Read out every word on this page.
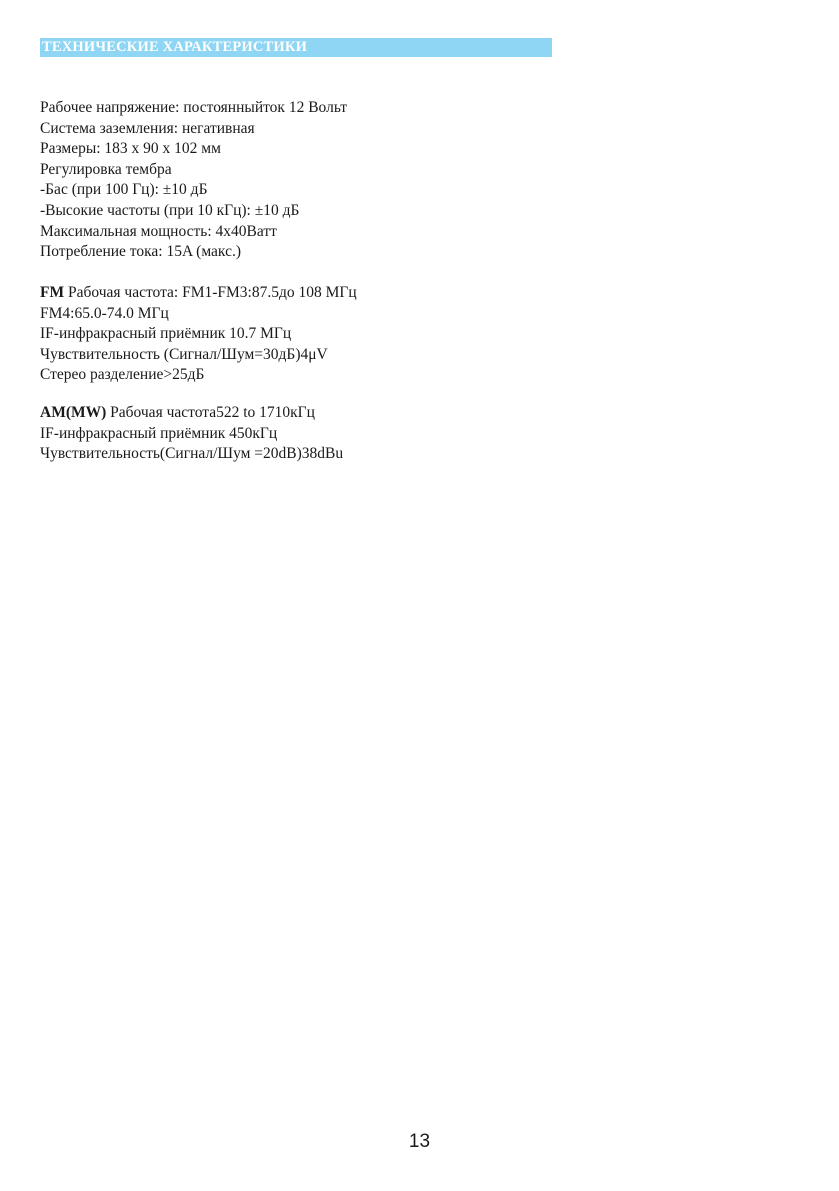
ТЕХНИЧЕСКИЕ ХАРАКТЕРИСТИКИ
Рабочее напряжение: постоянныйток 12 Вольт
Система заземления: негативная
Размеры: 183 x 90 x 102 мм
Регулировка тембра
-Бас (при 100 Гц): ±10 дБ
-Высокие частоты (при 10 кГц): ±10 дБ
Максимальная мощность: 4x40Ватт
Потребление тока: 15A (макс.)
FM Рабочая частота: FM1-FM3:87.5до 108 МГц
FM4:65.0-74.0 МГц
IF-инфракрасный приёмник 10.7 МГц
Чувствительность (Сигнал/Шум=30дБ)4μV
Стерео разделение>25дБ
AM(MW) Рабочая частота522 to 1710кГц
IF-инфракрасный приёмник 450кГц
Чувствительность(Сигнал/Шум =20dB)38dBu
13
